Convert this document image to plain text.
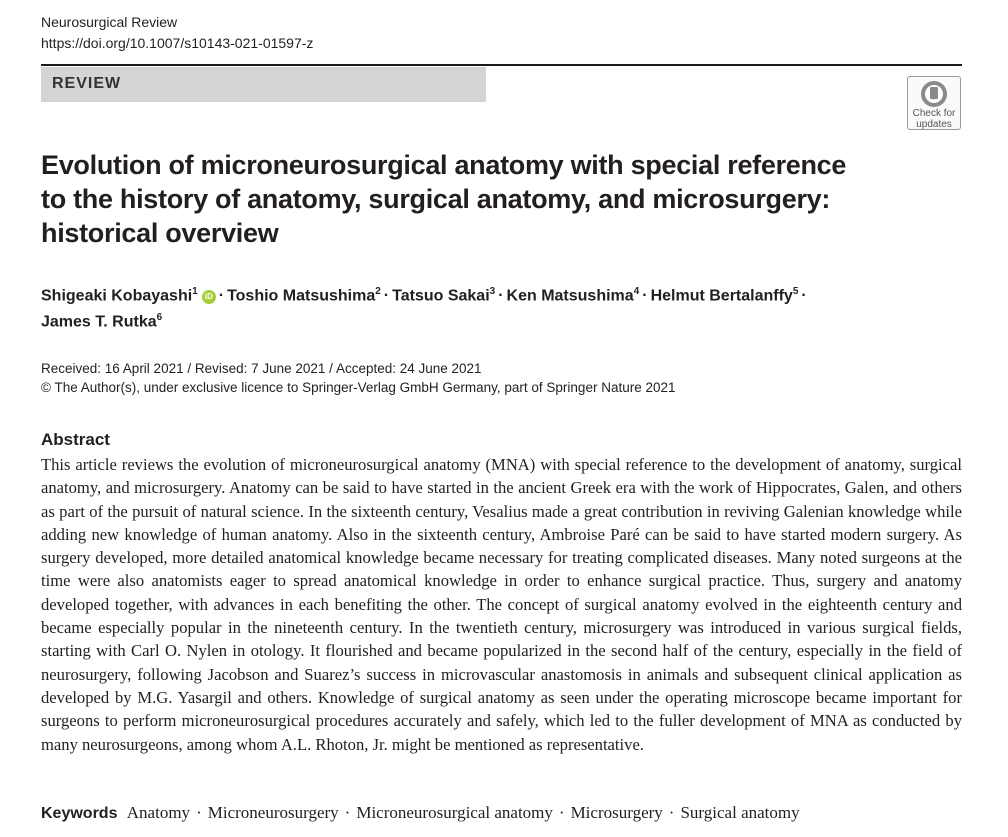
Neurosurgical Review
https://doi.org/10.1007/s10143-021-01597-z
REVIEW
Check for
updates
Evolution of microneurosurgical anatomy with special reference to the history of anatomy, surgical anatomy, and microsurgery: historical overview
Shigeaki Kobayashi$^1$ iD · Toshio Matsushima$^2$ · Tatsuo Sakai$^3$ · Ken Matsushima$^4$ · Helmut Bertalanffy$^5$ ·
James T. Rutka$^6$
Received: 16 April 2021 / Revised: 7 June 2021 / Accepted: 24 June 2021
© The Author(s), under exclusive licence to Springer-Verlag GmbH Germany, part of Springer Nature 2021
Abstract

This article reviews the evolution of microneurosurgical anatomy (MNA) with special reference to the development of anatomy, surgical anatomy, and microsurgery. Anatomy can be said to have started in the ancient Greek era with the work of Hippocrates, Galen, and others as part of the pursuit of natural science. In the sixteenth century, Vesalius made a great contribution in reviving Galenian knowledge while adding new knowledge of human anatomy. Also in the sixteenth century, Ambroise Paré can be said to have started modern surgery. As surgery developed, more detailed anatomical knowledge became necessary for treating complicated diseases. Many noted surgeons at the time were also anatomists eager to spread anatomical knowledge in order to enhance surgical practice. Thus, surgery and anatomy developed together, with advances in each benefiting the other. The concept of surgical anatomy evolved in the eighteenth century and became especially popular in the nineteenth century. In the twentieth century, microsurgery was introduced in various surgical fields, starting with Carl O. Nylen in otology. It flourished and became popularized in the second half of the century, especially in the field of neurosurgery, following Jacobson and Suarez’s success in microvascular anastomosis in animals and subsequent clinical application as developed by M.G. Yasargil and others. Knowledge of surgical anatomy as seen under the operating microscope became important for surgeons to perform microneurosurgical procedures accurately and safely, which led to the fuller development of MNA as conducted by many neurosurgeons, among whom A.L. Rhoton, Jr. might be mentioned as representative.

Keywords Anatomy · Microneurosurgery · Microneurosurgical anatomy · Microsurgery · Surgical anatomy
